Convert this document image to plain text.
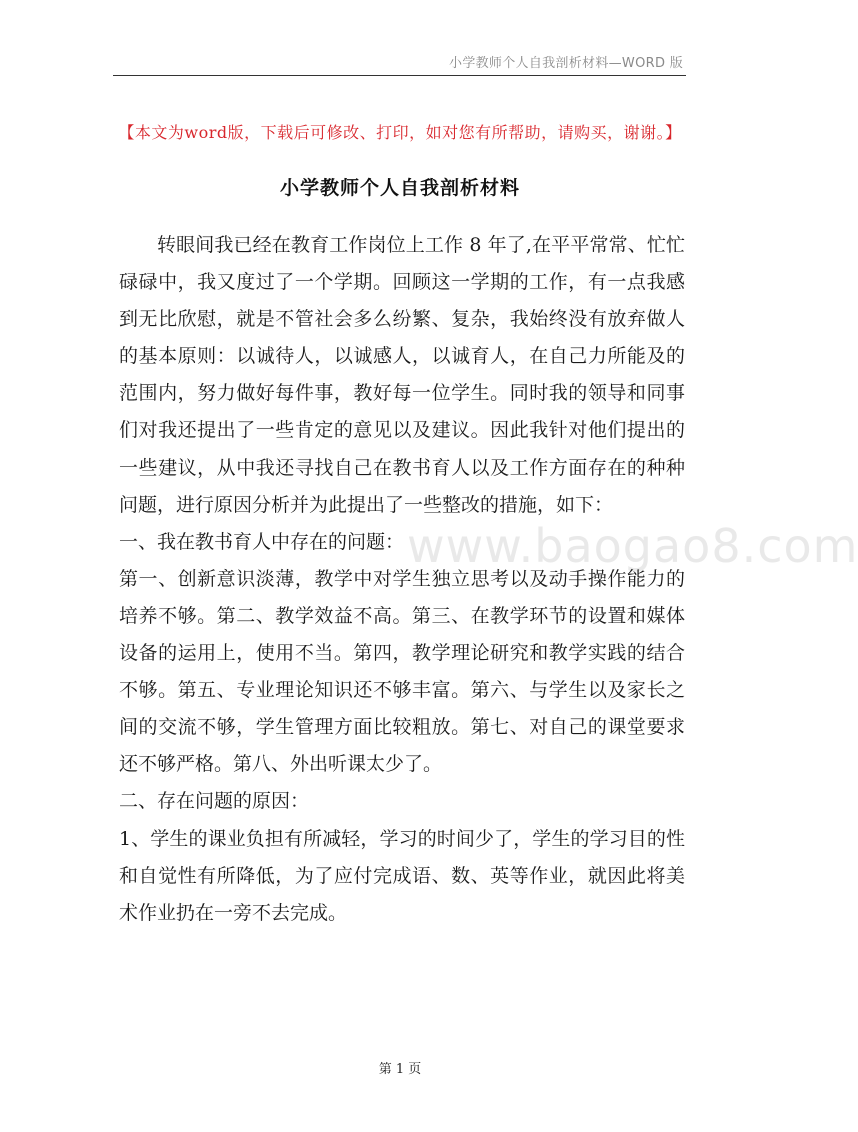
小学教师个人自我剖析材料—WORD 版
【本文为word版，下载后可修改、打印，如对您有所帮助，请购买，谢谢。】
小学教师个人自我剖析材料
www.baogao8.com

转眼间我已经在教育工作岗位上工作 8 年了,在平平常常、忙忙碌碌中，我又度过了一个学期。回顾这一学期的工作，有一点我感到无比欣慰，就是不管社会多么纷繁、复杂，我始终没有放弃做人的基本原则：以诚待人，以诚感人，以诚育人，在自己力所能及的范围内，努力做好每件事，教好每一位学生。同时我的领导和同事们对我还提出了一些肯定的意见以及建议。因此我针对他们提出的一些建议，从中我还寻找自己在教书育人以及工作方面存在的种种问题，进行原因分析并为此提出了一些整改的措施，如下：

一、我在教书育人中存在的问题：

第一、创新意识淡薄，教学中对学生独立思考以及动手操作能力的培养不够。第二、教学效益不高。第三、在教学环节的设置和媒体设备的运用上，使用不当。第四，教学理论研究和教学实践的结合不够。第五、专业理论知识还不够丰富。第六、与学生以及家长之间的交流不够，学生管理方面比较粗放。第七、对自己的课堂要求还不够严格。第八、外出听课太少了。

二、存在问题的原因：

1、学生的课业负担有所减轻，学习的时间少了，学生的学习目的性和自觉性有所降低，为了应付完成语、数、英等作业，就因此将美术作业扔在一旁不去完成。

第 1 页
